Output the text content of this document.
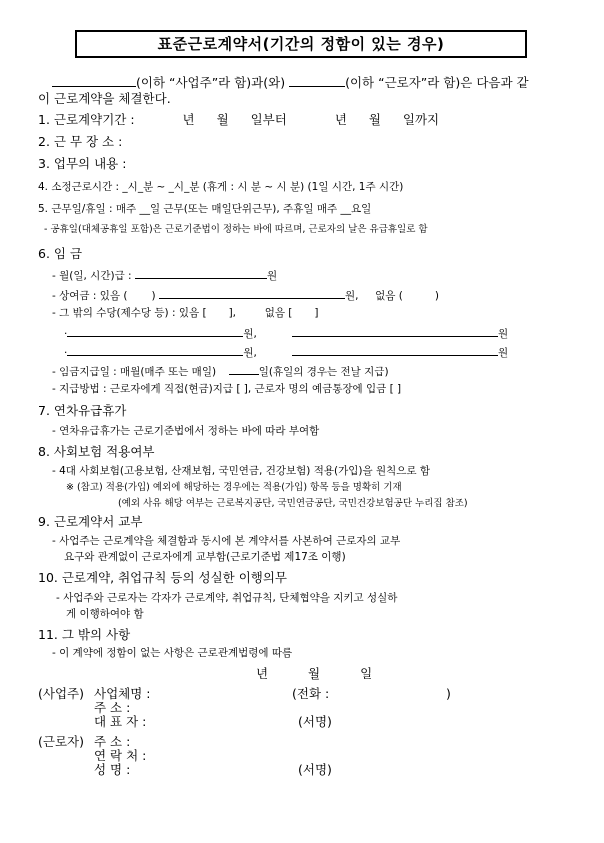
표준근로계약서(기간의 정함이 있는 경우)
(이하 “사업주”라 함)과(와)	(이하 “근로자”라 함)은 다음과 같
이 근로계약을 체결한다.
1. 근로계약기간 :	년 월 일부터	년 월 일까지
2. 근 무 장 소 :
3. 업무의 내용 :
4. 소정근로시간 : _시_분 ~ _시_분 (휴게 : 시 분 ~ 시 분) (1일 시간, 1주 시간)
5. 근무일/휴일 : 매주 __일 근무(또는 매일단위근무), 주휴일 매주 __요일
- 공휴일(대체공휴일 포함)은 근로기준법이 정하는 바에 따르며, 근로자의 날은 유급휴일로 함
6. 임 금
- 월(일, 시간)급 :	원
- 상여금 : 있음 ( )	원, 없음 (	)
- 그 밖의 수당(제수당 등) : 있음 [ ],	없음 [ ]
·	원,	원
·	원,	원
- 임금지급일 : 매월(매주 또는 매일)	일(휴일의 경우는 전날 지급)
- 지급방법 : 근로자에게 직접(현금)지급 [ ], 근로자 명의 예금통장에 입금 [ ]
7. 연차유급휴가
- 연차유급휴가는 근로기준법에서 정하는 바에 따라 부여함
8. 사회보험 적용여부
- 4대 사회보험(고용보험, 산재보험, 국민연금, 건강보험) 적용(가입)을 원칙으로 함
※ (참고) 적용(가입) 예외에 해당하는 경우에는 적용(가입) 항목 등을 명확히 기재
(예외 사유 해당 여부는 근로복지공단, 국민연금공단, 국민건강보험공단 누리집 참조)
9. 근로계약서 교부
- 사업주는 근로계약을 체결함과 동시에 본 계약서를 사본하여 근로자의 교부
요구와 관계없이 근로자에게 교부함(근로기준법 제17조 이행)
10. 근로계약, 취업규칙 등의 성실한 이행의무
- 사업주와 근로자는 각자가 근로계약, 취업규칙, 단체협약을 지키고 성실하
게 이행하여야 함
11. 그 밖의 사항
- 이 계약에 정함이 없는 사항은 근로관계법령에 따름
년	월	일
(사업주) 사업체명 :	(전화 :	)
주 소 :
대 표 자 :	(서명)
(근로자) 주 소 :
연 락 처 :
성 명 :	(서명)
